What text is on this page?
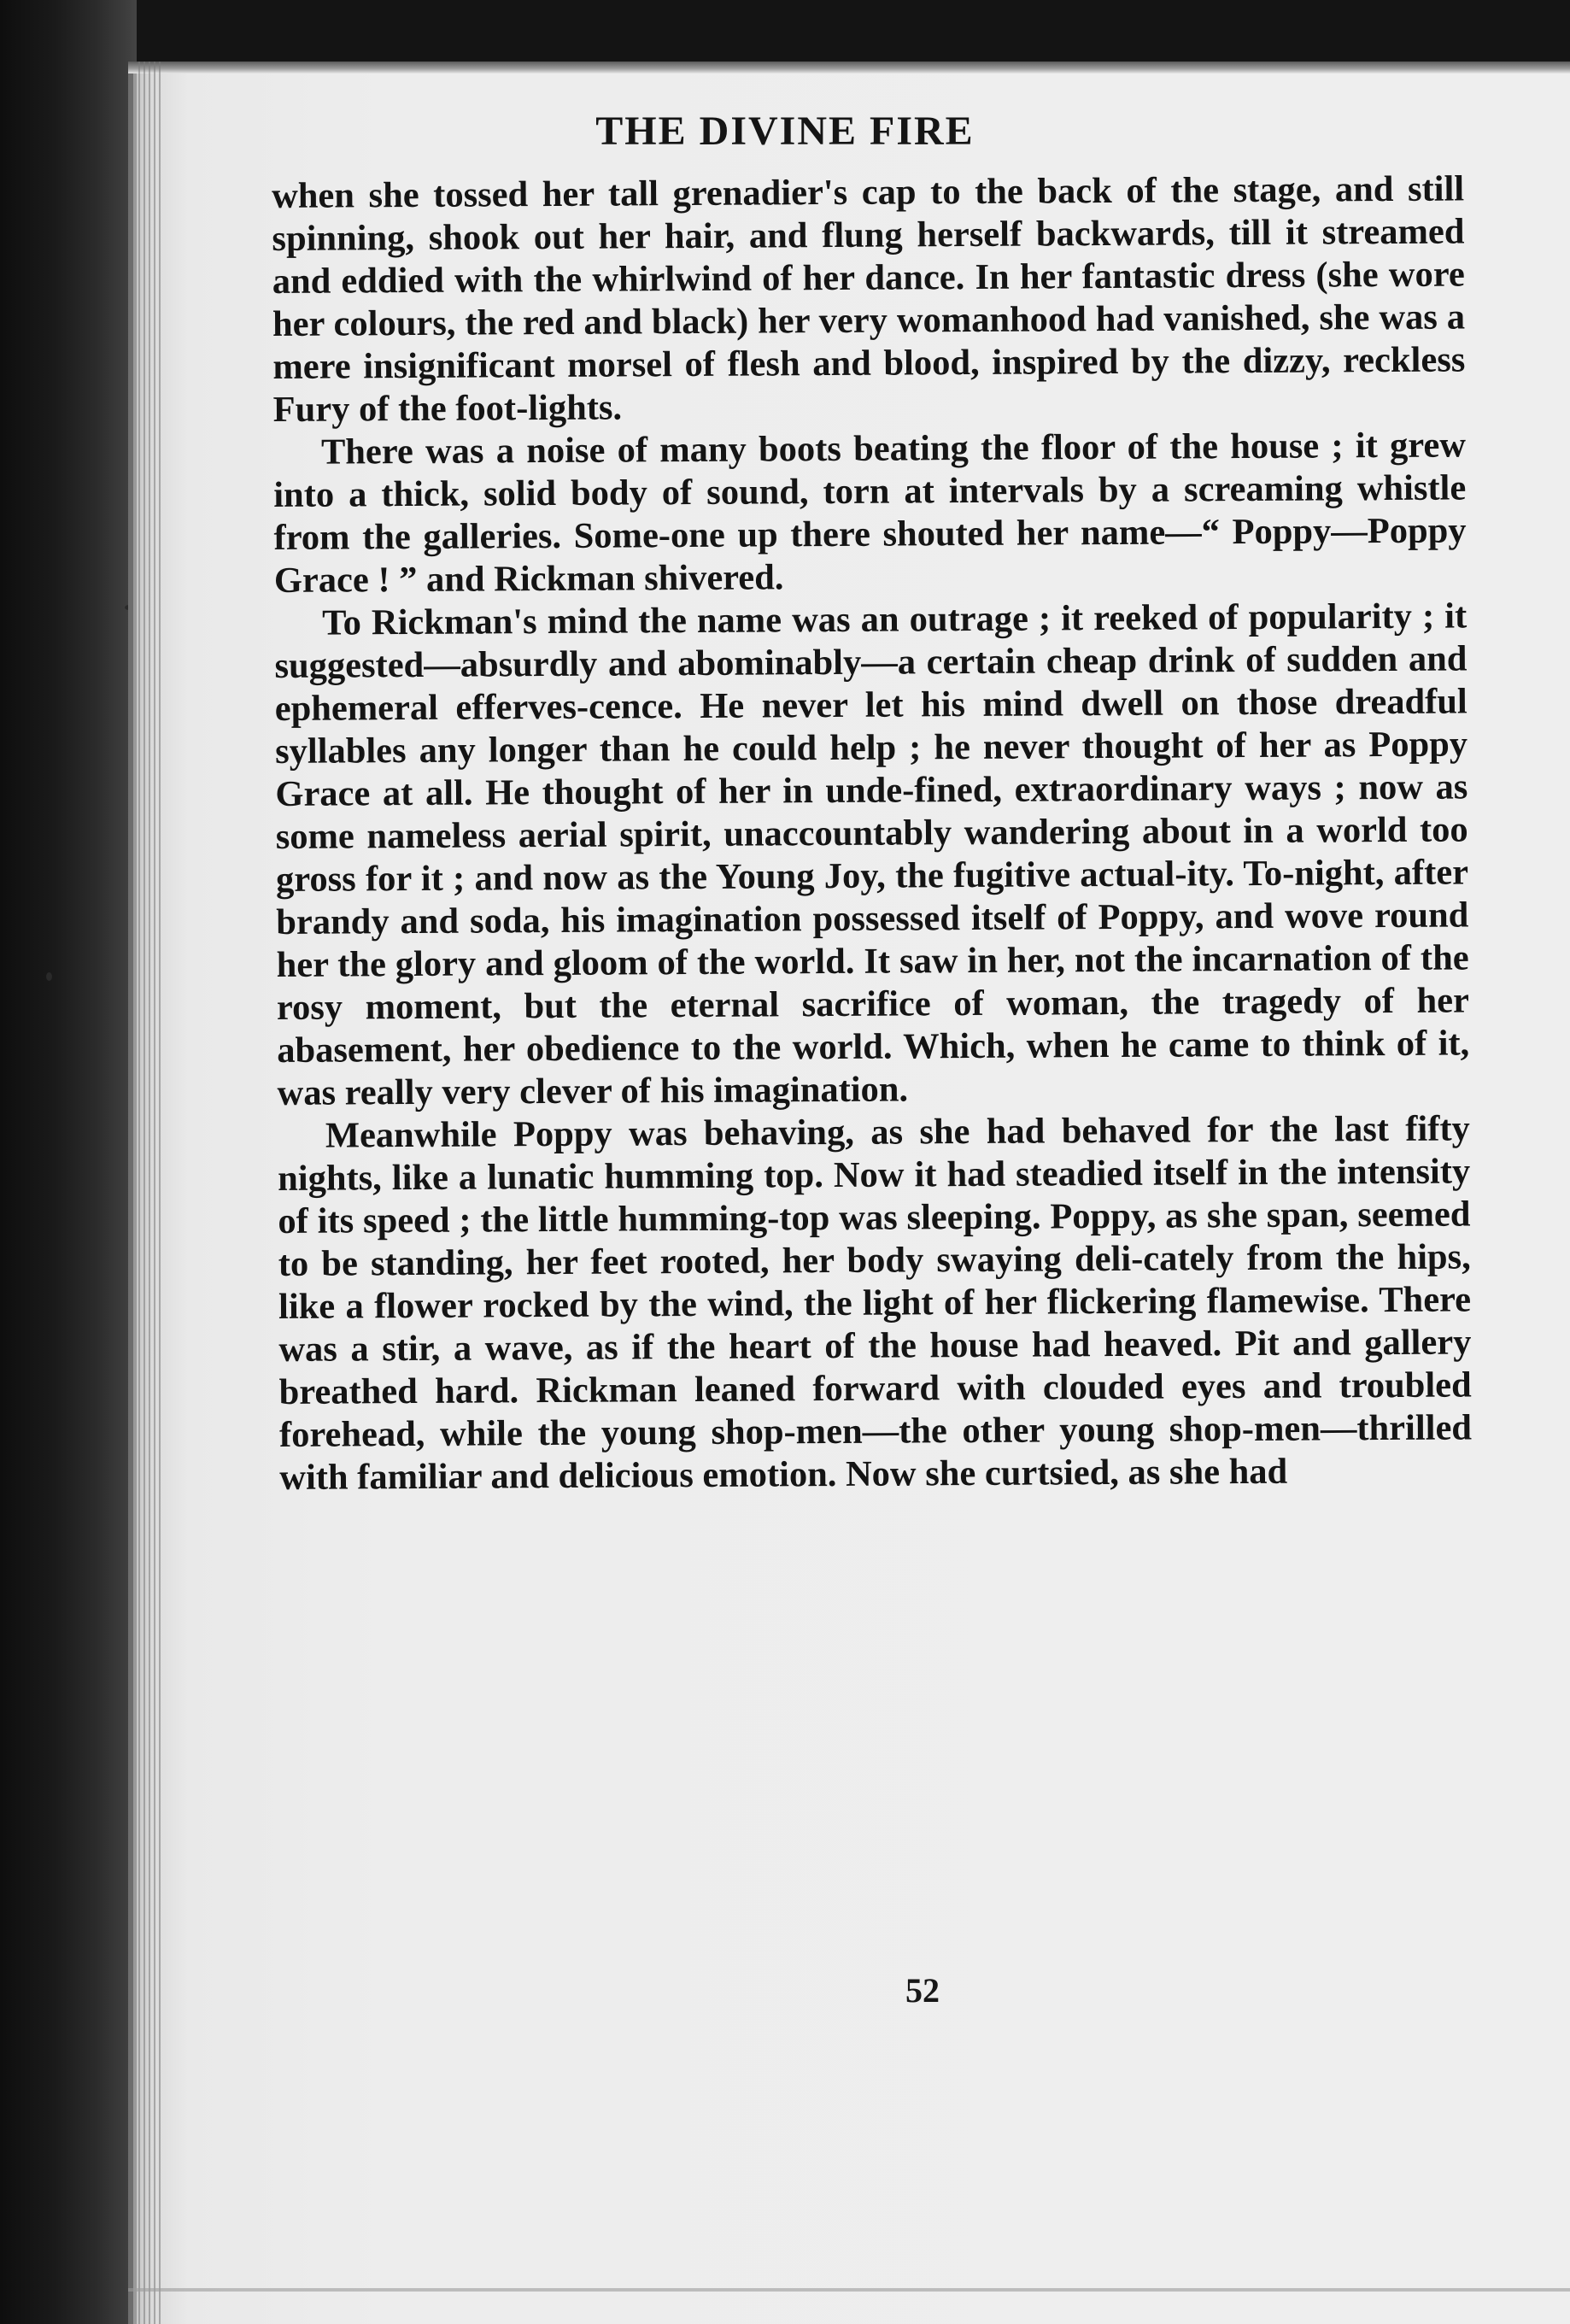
THE DIVINE FIRE

when she tossed her tall grenadier's cap to the back of the stage, and still spinning, shook out her hair, and flung herself backwards, till it streamed and eddied with the whirlwind of her dance. In her fantastic dress (she wore her colours, the red and black) her very womanhood had vanished, she was a mere insignificant morsel of flesh and blood, inspired by the dizzy, reckless Fury of the foot-lights.

There was a noise of many boots beating the floor of the house ; it grew into a thick, solid body of sound, torn at intervals by a screaming whistle from the galleries. Some-one up there shouted her name—“ Poppy—Poppy Grace ! ” and Rickman shivered.

To Rickman's mind the name was an outrage ; it reeked of popularity ; it suggested—absurdly and abominably—a certain cheap drink of sudden and ephemeral efferves-cence. He never let his mind dwell on those dreadful syllables any longer than he could help ; he never thought of her as Poppy Grace at all. He thought of her in unde-fined, extraordinary ways ; now as some nameless aerial spirit, unaccountably wandering about in a world too gross for it ; and now as the Young Joy, the fugitive actual-ity. To-night, after brandy and soda, his imagination possessed itself of Poppy, and wove round her the glory and gloom of the world. It saw in her, not the incarnation of the rosy moment, but the eternal sacrifice of woman, the tragedy of her abasement, her obedience to the world. Which, when he came to think of it, was really very clever of his imagination.

Meanwhile Poppy was behaving, as she had behaved for the last fifty nights, like a lunatic humming top. Now it had steadied itself in the intensity of its speed ; the little humming-top was sleeping. Poppy, as she span, seemed to be standing, her feet rooted, her body swaying deli-cately from the hips, like a flower rocked by the wind, the light of her flickering flamewise. There was a stir, a wave, as if the heart of the house had heaved. Pit and gallery breathed hard. Rickman leaned forward with clouded eyes and troubled forehead, while the young shop-men—the other young shop-men—thrilled with familiar and delicious emotion. Now she curtsied, as she had

52
